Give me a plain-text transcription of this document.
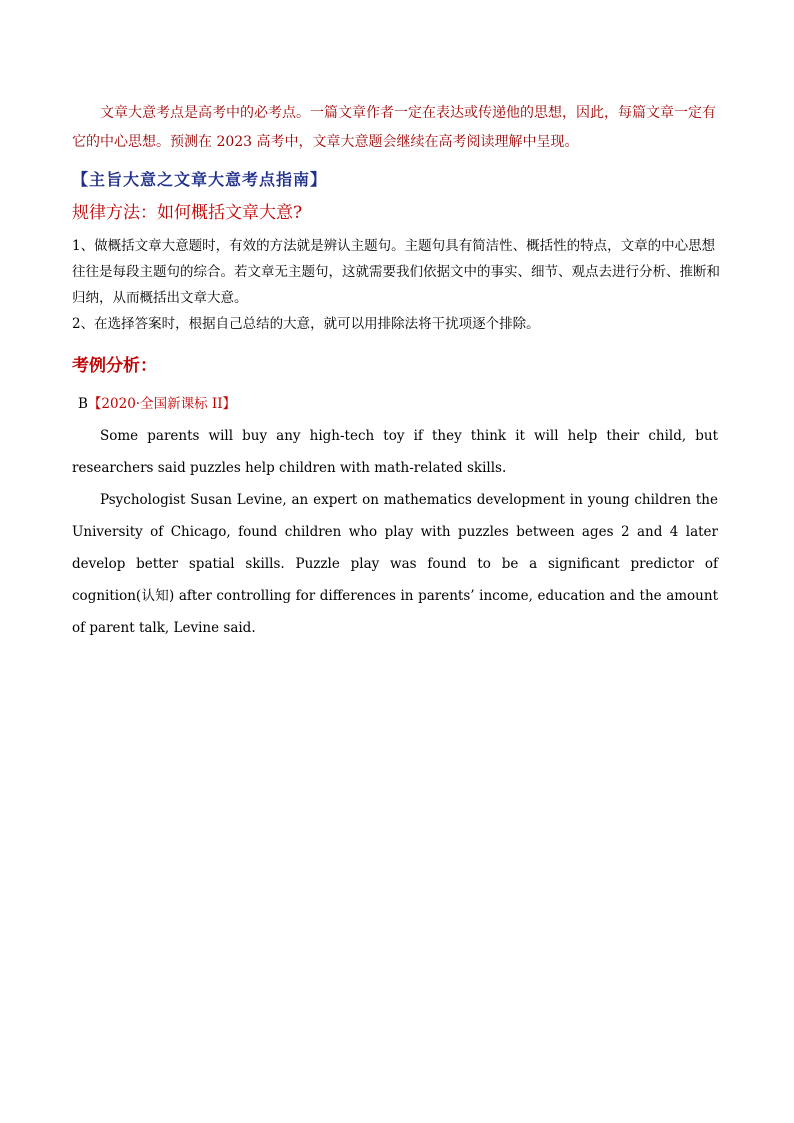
文章大意考点是高考中的必考点。一篇文章作者一定在表达或传递他的思想，因此，每篇文章一定有它的中心思想。预测在 2023 高考中，文章大意题会继续在高考阅读理解中呈现。

【主旨大意之文章大意考点指南】

规律方法：如何概括文章大意?

1、做概括文章大意题时，有效的方法就是辨认主题句。主题句具有简洁性、概括性的特点，文章的中心思想往往是每段主题句的综合。若文章无主题句，这就需要我们依据文中的事实、细节、观点去进行分析、推断和归纳，从而概括出文章大意。
2、在选择答案时，根据自己总结的大意，就可以用排除法将干扰项逐个排除。

考例分析：

B【2020·全国新课标 II】

Some parents will buy any high-tech toy if they think it will help their child, but researchers said puzzles help children with math-related skills.

Psychologist Susan Levine, an expert on mathematics development in young children the University of Chicago, found children who play with puzzles between ages 2 and 4 later develop better spatial skills. Puzzle play was found to be a significant predictor of cognition(认知) after controlling for differences in parents’ income, education and the amount of parent talk, Levine said.
